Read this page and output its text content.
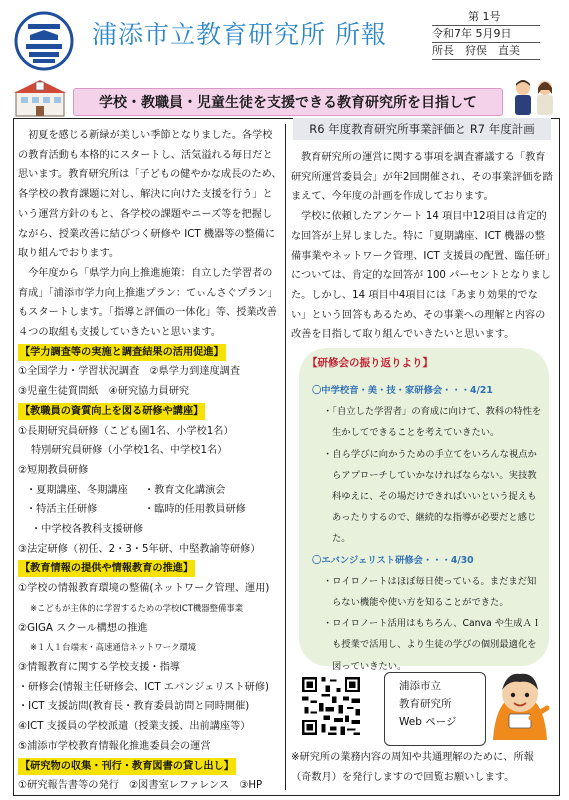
浦添市立教育研究所 所報
第 1号
令和7年 5月9日
所長　狩俣　直美
学校・教職員・児童生徒を支援できる教育研究所を目指して

初夏を感じる新緑が美しい季節となりました。各学校の教育活動も本格的にスタートし、活気溢れる毎日だと思います。教育研究所は「子どもの健やかな成長のため、各学校の教育課題に対し、解決に向けた支援を行う」という運営方針のもと、各学校の課題やニーズ等を把握しながら、授業改善に結びつく研修や ICT 機器等の整備に取り組んでおります。

今年度から「県学力向上推進施策：自立した学習者の育成」「浦添市学力向上推進プラン：てぃんさぐプラン」もスタートします。「指導と評価の一体化」等、授業改善４つの取組も支援していきたいと思います。

【学力調査等の実施と調査結果の活用促進】
①全国学力・学習状況調査　②県学力到達度調査
③児童生徒質問紙　④研究協力員研究
【教職員の資質向上を図る研修や講座】
①長期研究員研修（こども園1名、小学校1名）
特別研究員研修（小学校1名、中学校1名）
②短期教員研修
・夏期講座、冬期講座	・教育文化講演会
・特活主任研修	・臨時的任用教員研修
・中学校各教科支援研修
③法定研修（初任、2・3・5年研、中堅教諭等研修）
【教育情報の提供や情報教育の推進】
①学校の情報教育環境の整備(ネットワーク管理、運用)
※こどもが主体的に学習するための学校ICT機器整備事業
②GIGA スクール構想の推進
※１人１台端末・高速通信ネットワーク環境
③情報教育に関する学校支援・指導
・研修会(情報主任研修会、ICT エバンジェリスト研修)
・ICT 支援訪問(教育長・教育委員訪問と同時開催)
④ICT 支援員の学校派遣（授業支援、出前講座等）
⑤浦添市学校教育情報化推進委員会の運営
【研究物の収集・刊行・教育図書の貸し出し】
①研究報告書等の発行　②図書室レファレンス　③HP
R6 年度教育研究所事業評価と R7 年度計画

教育研究所の運営に関する事項を調査審議する「教育研究所運営委員会」が年2回開催され、その事業評価を踏まえて、今年度の計画を作成しております。

学校に依頼したアンケート 14 項目中12項目は肯定的な回答が上昇しました。特に「夏期講座、ICT 機器の整備事業やネットワーク管理、ICT 支援員の配置、臨任研」については、肯定的な回答が 100 パーセントとなりました。しかし、14 項目中4項目には「あまり効果的でない」という回答もあるため、その事業への理解と内容の改善を目指して取り組んでいきたいと思います。

【研修会の振り返りより】
〇中学校音・美・技・家研修会・・・4/21
・「自立した学習者」の育成に向けて、教科の特性を生かしてできることを考えていきたい。
・自ら学びに向かうための手立てをいろんな視点からアプローチしていかなければならない。実技教科ゆえに、その場だけできればいいという捉えもあったりするので、継続的な指導が必要だと感じた。
〇エバンジェリスト研修会・・・4/30
・ロイロノートはほぼ毎日使っている。まだまだ知らない機能や使い方を知ることができた。
・ロイロノート活用はもちろん、Canva や生成ＡＩも授業で活用し、より生徒の学びの個別最適化を図っていきたい。
浦添市立
教育研究所
Web ページ
※研究所の業務内容の周知や共通理解のために、所報（奇数月）を発行しますので回覧お願いします。
